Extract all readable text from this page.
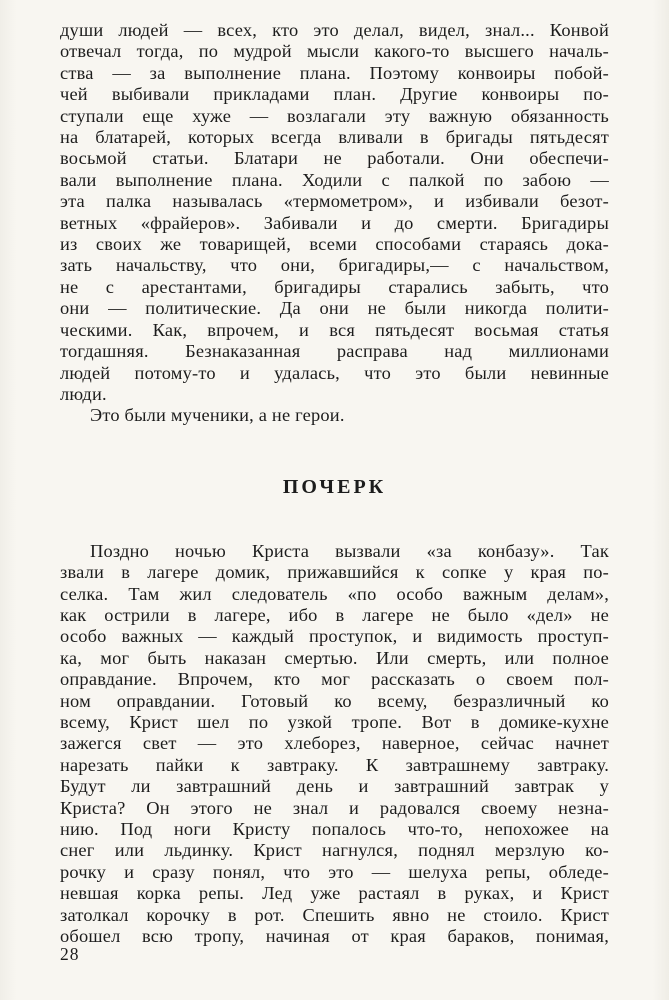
души людей — всех, кто это делал, видел, знал... Конвой
отвечал тогда, по мудрой мысли какого-то высшего началь-
ства — за выполнение плана. Поэтому конвоиры побой-
чей выбивали прикладами план. Другие конвоиры по-
ступали еще хуже — возлагали эту важную обязанность
на блатарей, которых всегда вливали в бригады пятьдесят
восьмой статьи. Блатари не работали. Они обеспечи-
вали выполнение плана. Ходили с палкой по забою —
эта палка называлась «термометром», и избивали безот-
ветных «фрайеров». Забивали и до смерти. Бригадиры
из своих же товарищей, всеми способами стараясь дока-
зать начальству, что они, бригадиры,— с начальством,
не с арестантами, бригадиры старались забыть, что
они — политические. Да они не были никогда полити-
ческими. Как, впрочем, и вся пятьдесят восьмая статья
тогдашняя. Безнаказанная расправа над миллионами
людей потому-то и удалась, что это были невинные
люди.
Это были мученики, а не герои.
ПОЧЕРК
Поздно ночью Криста вызвали «за конбазу». Так
звали в лагере домик, прижавшийся к сопке у края по-
селка. Там жил следователь «по особо важным делам»,
как острили в лагере, ибо в лагере не было «дел» не
особо важных — каждый проступок, и видимость проступ-
ка, мог быть наказан смертью. Или смерть, или полное
оправдание. Впрочем, кто мог рассказать о своем пол-
ном оправдании. Готовый ко всему, безразличный ко
всему, Крист шел по узкой тропе. Вот в домике-кухне
зажегся свет — это хлеборез, наверное, сейчас начнет
нарезать пайки к завтраку. К завтрашнему завтраку.
Будут ли завтрашний день и завтрашний завтрак у
Криста? Он этого не знал и радовался своему незна-
нию. Под ноги Кристу попалось что-то, непохожее на
снег или льдинку. Крист нагнулся, поднял мерзлую ко-
рочку и сразу понял, что это — шелуха репы, обледе-
невшая корка репы. Лед уже растаял в руках, и Крист
затолкал корочку в рот. Спешить явно не стоило. Крист
обошел всю тропу, начиная от края бараков, понимая,
28
